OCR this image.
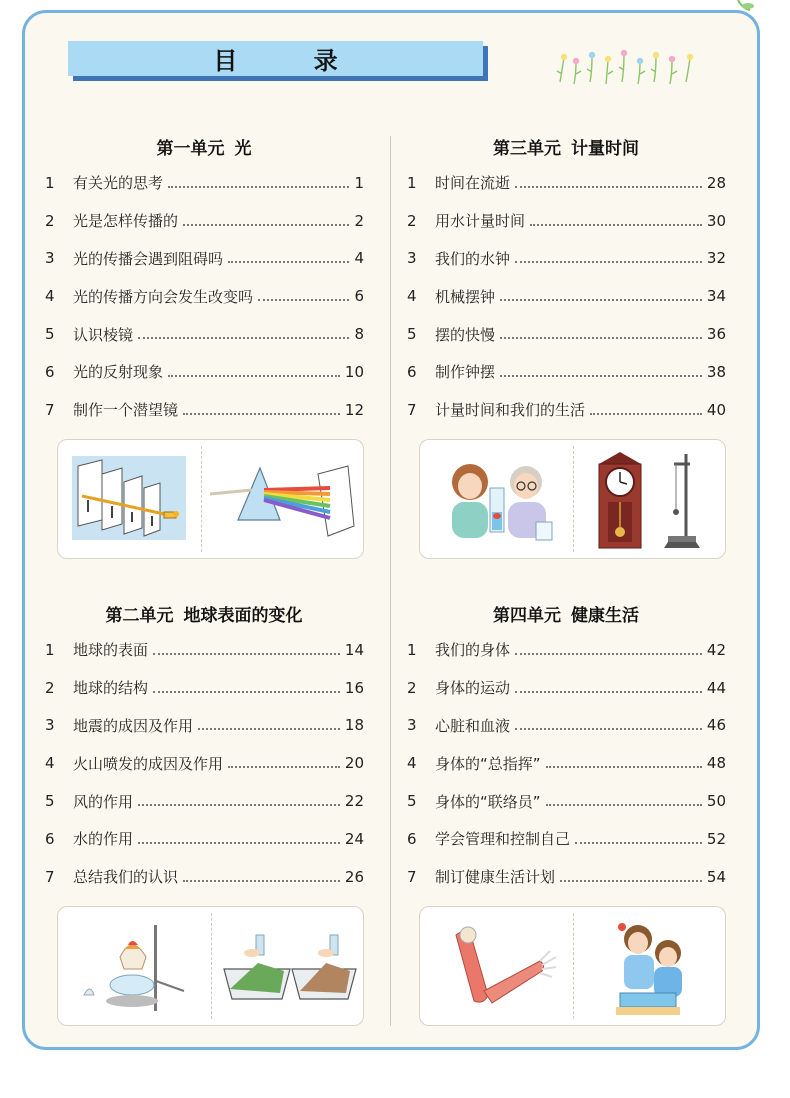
目 录
第一单元 光
1	有关光的思考	1
2	光是怎样传播的	2
3	光的传播会遇到阻碍吗	4
4	光的传播方向会发生改变吗	6
5	认识棱镜	8
6	光的反射现象	10
7	制作一个潜望镜	12
第三单元 计量时间
1	时间在流逝	28
2	用水计量时间	30
3	我们的水钟	32
4	机械摆钟	34
5	摆的快慢	36
6	制作钟摆	38
7	计量时间和我们的生活	40
第二单元 地球表面的变化
1	地球的表面	14
2	地球的结构	16
3	地震的成因及作用	18
4	火山喷发的成因及作用	20
5	风的作用	22
6	水的作用	24
7	总结我们的认识	26
第四单元 健康生活
1	我们的身体	42
2	身体的运动	44
3	心脏和血液	46
4	身体的“总指挥”	48
5	身体的“联络员”	50
6	学会管理和控制自己	52
7	制订健康生活计划	54
